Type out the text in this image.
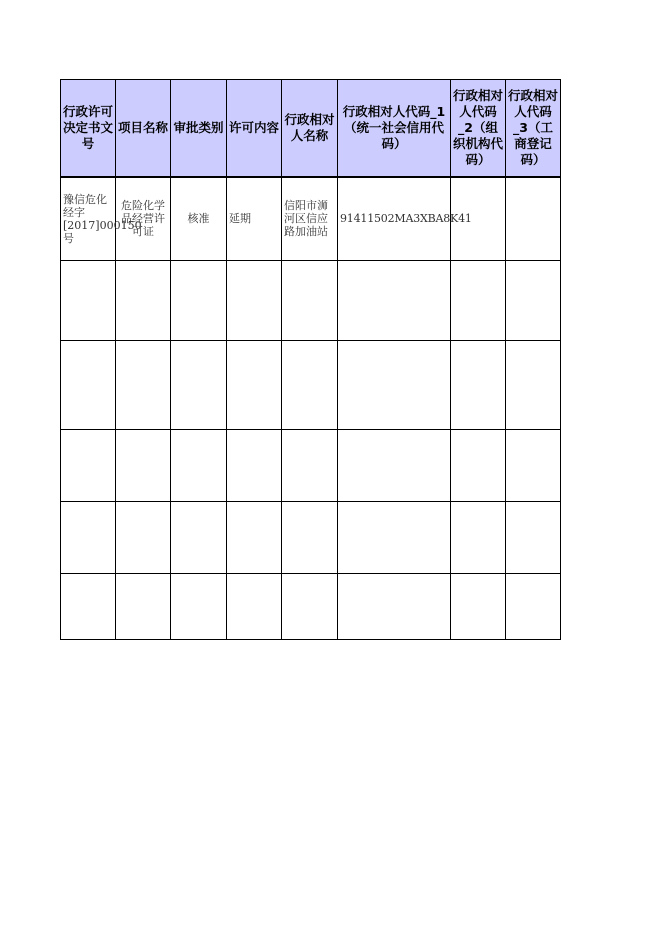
行政许可决定书文号	项目名称	审批类别	许可内容	行政相对人名称	行政相对人代码_1（统一社会信用代码）	行政相对人代码_2（组织机构代码）	行政相对人代码_3（工商登记码）
豫信危化经字[2017]000150号	危险化学品经营许可证	核准	延期	信阳市浉河区信应路加油站	91411502MA3XBA8K41		
